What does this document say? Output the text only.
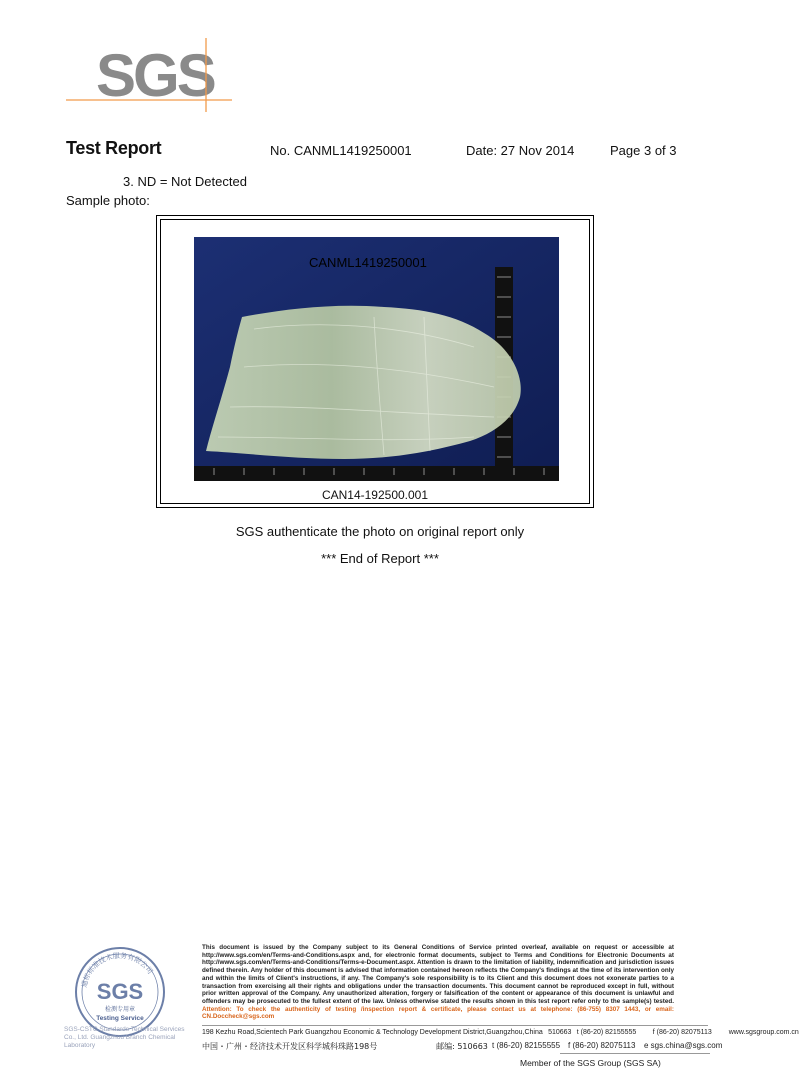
SGS
Test Report	No. CANML1419250001	Date: 27 Nov 2014	Page 3 of 3
3. ND = Not Detected
Sample photo:
CANML1419250001
CAN14-192500.001
SGS authenticate the photo on original report only
*** End of Report ***
通标标准技术服务有限公司
SGS
检测专用章
Testing Service
SGS-CSTC Standards Technical Services Co., Ltd. Guangzhou Branch Chemical Laboratory
This document is issued by the Company subject to its General Conditions of Service printed overleaf, available on request or accessible at http://www.sgs.com/en/Terms-and-Conditions.aspx and, for electronic format documents, subject to Terms and Conditions for Electronic Documents at http://www.sgs.com/en/Terms-and-Conditions/Terms-e-Document.aspx. Attention is drawn to the limitation of liability, indemnification and jurisdiction issues defined therein. Any holder of this document is advised that information contained hereon reflects the Company's findings at the time of its intervention only and within the limits of Client's instructions, if any. The Company's sole responsibility is to its Client and this document does not exonerate parties to a transaction from exercising all their rights and obligations under the transaction documents. This document cannot be reproduced except in full, without prior written approval of the Company. Any unauthorized alteration, forgery or falsification of the content or appearance of this document is unlawful and offenders may be prosecuted to the fullest extent of the law. Unless otherwise stated the results shown in this test report refer only to the sample(s) tested. Attention: To check the authenticity of testing /inspection report & certificate, please contact us at telephone: (86-755) 8307 1443, or email: CN.Doccheck@sgs.com
198 Kezhu Road,Scientech Park Guangzhou Economic & Technology Development District,Guangzhou,China 510663 t (86-20) 82155555	f (86-20) 82075113	www.sgsgroup.com.cn
中国・广州・经济技术开发区科学城科珠路198号	邮编: 510663 t (86-20) 82155555 f (86-20) 82075113	e sgs.china@sgs.com
Member of the SGS Group (SGS SA)
